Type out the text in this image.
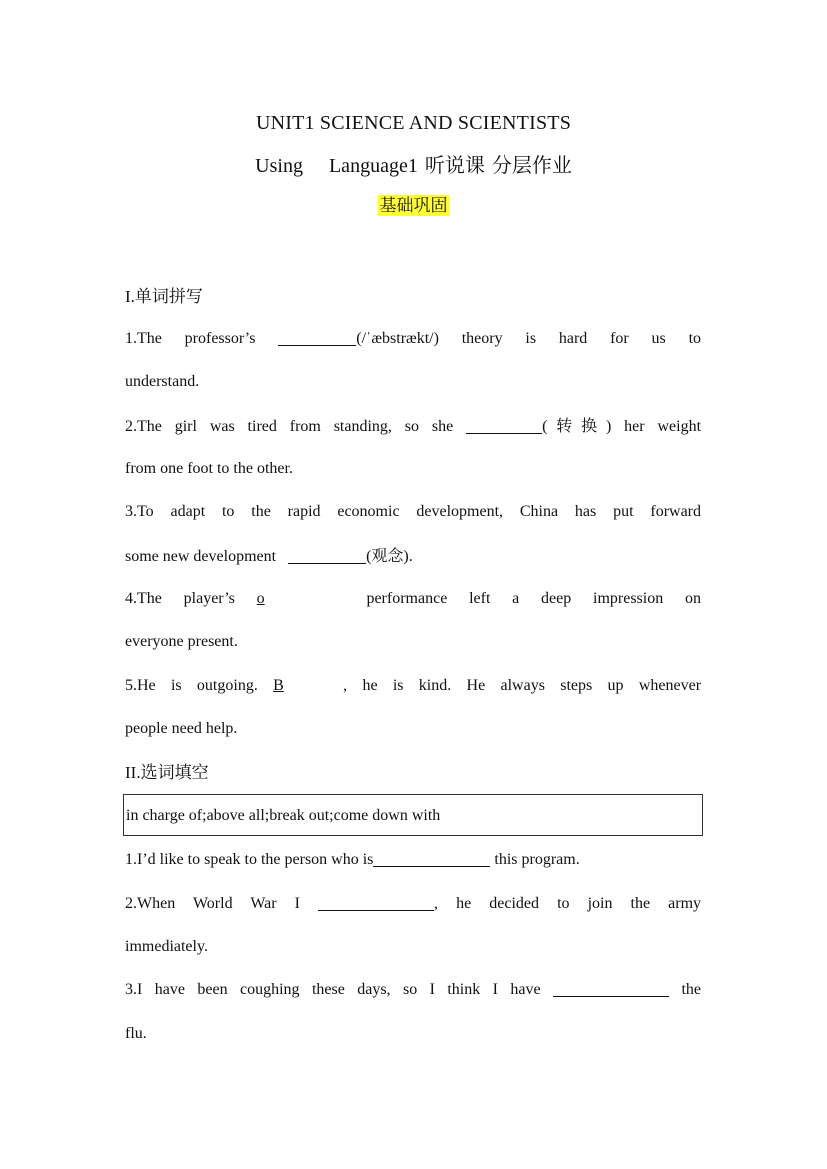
UNIT1 SCIENCE AND SCIENTISTS
Using Language1 听说课 分层作业
基础巩固
I.单词拼写
1.The professor’s	(/ˈæbstrækt/) theory is hard for us to
understand.
2.The girl was tired from standing, so she	(转换) her weight
from one foot to the other.
3.To adapt to the rapid economic development, China has put forward
some new development	(观念).
4.The player’s o	performance left a deep impression on
everyone present.
5.He is outgoing. B	, he is kind. He always steps up whenever
people need help.
II.选词填空
in charge of;above all;break out;come down with
1.I’d like to speak to the person who is	this program.
2.When World War I	, he decided to join the army
immediately.
3.I have been coughing these days, so I think I have	the
flu.
